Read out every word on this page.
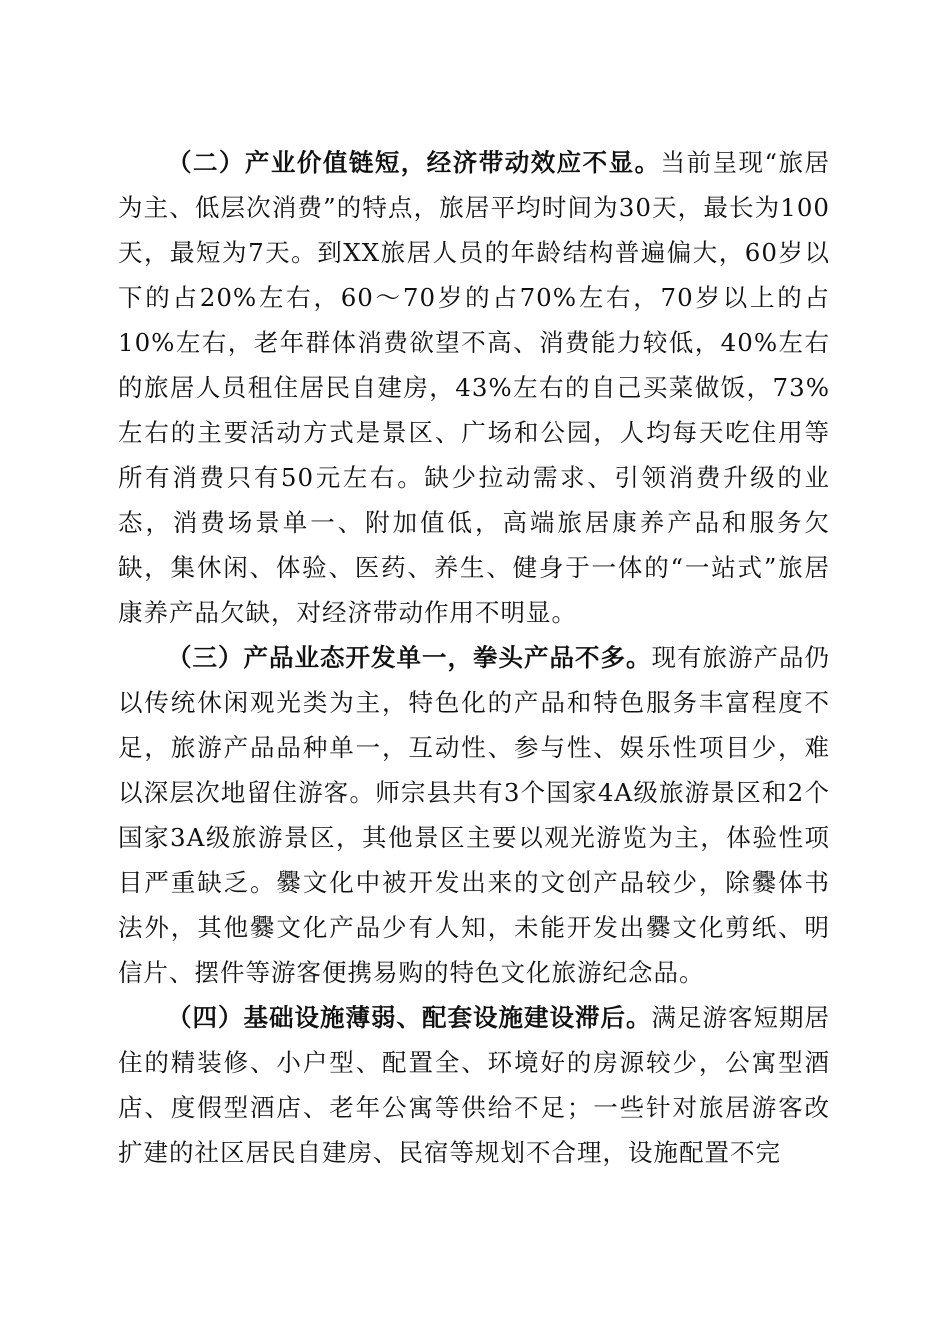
（二）产业价值链短，经济带动效应不显。当前呈现“旅居为主、低层次消费”的特点，旅居平均时间为30天，最长为100天，最短为7天。到XX旅居人员的年龄结构普遍偏大，60岁以下的占20%左右，60～70岁的占70%左右，70岁以上的占10%左右，老年群体消费欲望不高、消费能力较低，40%左右的旅居人员租住居民自建房，43%左右的自己买菜做饭，73%左右的主要活动方式是景区、广场和公园，人均每天吃住用等所有消费只有50元左右。缺少拉动需求、引领消费升级的业态，消费场景单一、附加值低，高端旅居康养产品和服务欠缺，集休闲、体验、医药、养生、健身于一体的“一站式”旅居康养产品欠缺，对经济带动作用不明显。

（三）产品业态开发单一，拳头产品不多。现有旅游产品仍以传统休闲观光类为主，特色化的产品和特色服务丰富程度不足，旅游产品品种单一，互动性、参与性、娱乐性项目少，难以深层次地留住游客。师宗县共有3个国家4A级旅游景区和2个国家3A级旅游景区，其他景区主要以观光游览为主，体验性项目严重缺乏。爨文化中被开发出来的文创产品较少，除爨体书法外，其他爨文化产品少有人知，未能开发出爨文化剪纸、明信片、摆件等游客便携易购的特色文化旅游纪念品。

（四）基础设施薄弱、配套设施建设滞后。满足游客短期居住的精装修、小户型、配置全、环境好的房源较少，公寓型酒店、度假型酒店、老年公寓等供给不足；一些针对旅居游客改扩建的社区居民自建房、民宿等规划不合理，设施配置不完
